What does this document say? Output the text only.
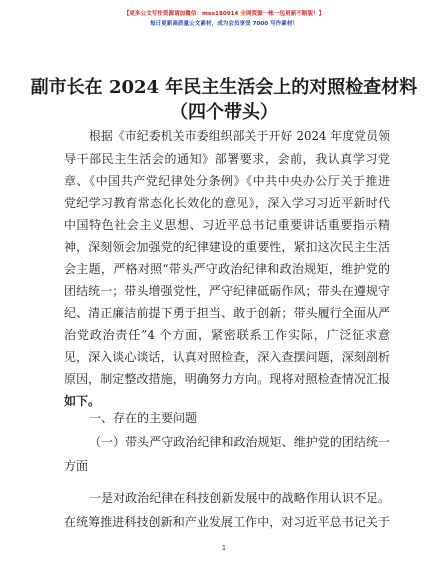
【更多公文写作资源请加微信：mso180914 全网资源一帐一包更新不断版！】
每日更新高质量公文素材，成为会员享受 7000 写作素材！
副市长在 2024 年民主生活会上的对照检查材料
（四个带头）
根据《市纪委机关市委组织部关于开好 2024 年度党员领
导干部民主生活会的通知》部署要求，会前，我认真学习党
章、《中国共产党纪律处分条例》《中共中央办公厅关于推进
党纪学习教育常态化长效化的意见》，深入学习习近平新时代
中国特色社会主义思想、习近平总书记重要讲话重要指示精
神，深刻领会加强党的纪律建设的重要性，紧扣这次民主生活
会主题，严格对照“带头严守政治纪律和政治规矩，维护党的
团结统一；带头增强党性，严守纪律砥砺作风；带头在遵规守
纪、清正廉洁前提下勇于担当、敢于创新；带头履行全面从严
治党政治责任”4 个方面，紧密联系工作实际，广泛征求意
见，深入谈心谈话，认真对照检查，深入查摆问题，深刻剖析
原因，制定整改措施，明确努力方向。现将对照检查情况汇报
如下。
一、存在的主要问题
（一）带头严守政治纪律和政治规矩、维护党的团结统一
方面
一是对政治纪律在科技创新发展中的战略作用认识不足。
在统筹推进科技创新和产业发展工作中，对习近平总书记关于
1
